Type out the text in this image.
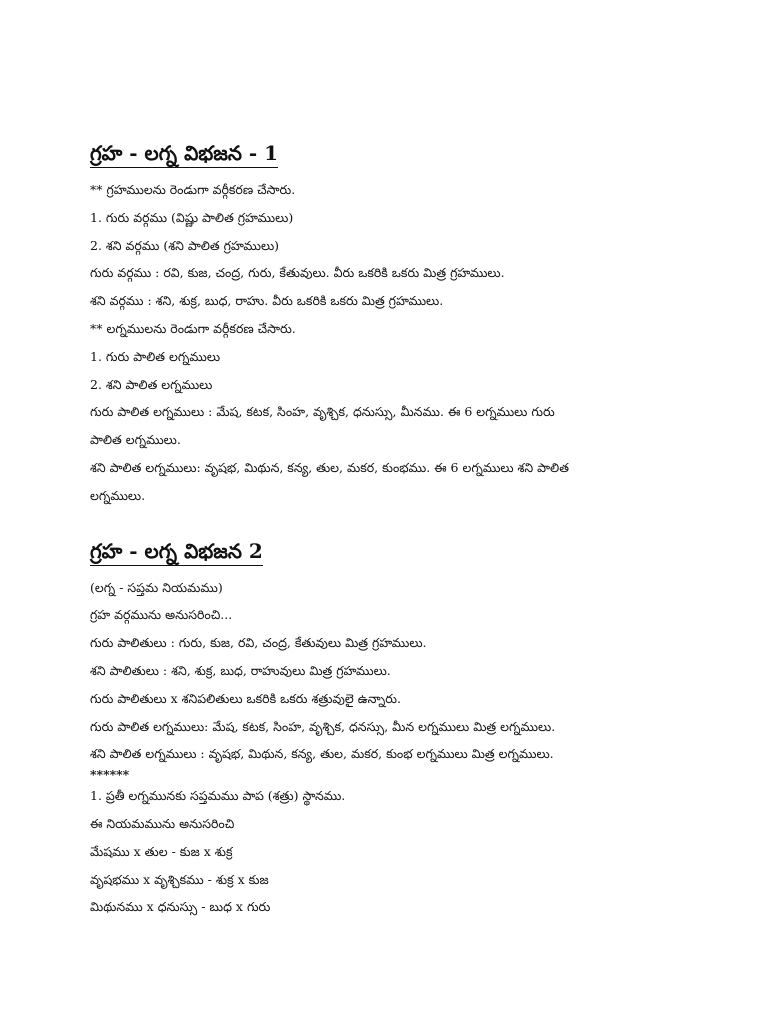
గ్రహ - లగ్న విభజన - 1
** గ్రహములను రెండుగా వర్గీకరణ చేసారు.
1. గురు వర్గము (విష్ణు పాలిత గ్రహములు)
2. శని వర్గము (శని పాలిత గ్రహములు)
గురు వర్గము : రవి, కుజ, చంద్ర, గురు, కేతువులు. వీరు ఒకరికి ఒకరు మిత్ర గ్రహములు.
శని వర్గము : శని, శుక్ర, బుధ, రాహు. వీరు ఒకరికి ఒకరు మిత్ర గ్రహములు.
** లగ్నములను రెండుగా వర్గీకరణ చేసారు.
1. గురు పాలిత లగ్నములు
2. శని పాలిత లగ్నములు
గురు పాలిత లగ్నములు : మేష, కటక, సింహ, వృశ్చిక, ధనుస్సు, మీనము. ఈ 6 లగ్నములు గురు
పాలిత లగ్నములు.
శని పాలిత లగ్నములు: వృషభ, మిథున, కన్య, తుల, మకర, కుంభము. ఈ 6 లగ్నములు శని పాలిత
లగ్నములు.
గ్రహ - లగ్న విభజన 2
(లగ్న - సప్తమ నియమము)
గ్రహ వర్గమును అనుసరించి...
గురు పాలితులు : గురు, కుజ, రవి, చంద్ర, కేతువులు మిత్ర గ్రహములు.
శని పాలితులు : శని, శుక్ర, బుధ, రాహువులు మిత్ర గ్రహములు.
గురు పాలితులు x శనిపలితులు ఒకరికి ఒకరు శత్రువులై ఉన్నారు.
గురు పాలిత లగ్నములు: మేష, కటక, సింహ, వృశ్చిక, ధనస్సు, మీన లగ్నములు మిత్ర లగ్నములు.
శని పాలిత లగ్నములు : వృషభ, మిథున, కన్య, తుల, మకర, కుంభ లగ్నములు మిత్ర లగ్నములు.
******
1. ప్రతీ లగ్నమునకు సప్తమము పాప (శత్రు) స్థానము.
ఈ నియమమును అనుసరించి
మేషము x తుల - కుజ x శుక్ర
వృషభము x వృశ్చికము - శుక్ర x కుజ
మిథునము x ధనుస్సు - బుధ x గురు
